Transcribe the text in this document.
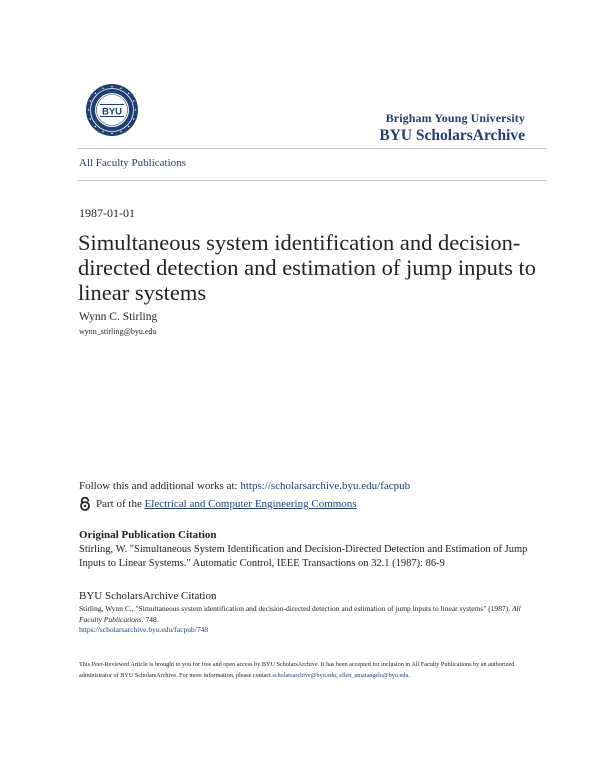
BYU	Brigham Young University
BYU ScholarsArchive
All Faculty Publications
1987-01-01
Simultaneous system identification and decision-directed detection and estimation of jump inputs to linear systems
Wynn C. Stirling
wynn_stirling@byu.edu
Follow this and additional works at: https://scholarsarchive.byu.edu/facpub
Part of the
Electrical and Computer Engineering Commons
Original Publication Citation
Stirling, W. "Simultaneous System Identification and Decision-Directed Detection and Estimation of Jump Inputs to Linear Systems." Automatic Control, IEEE Transactions on 32.1 (1987): 86-9
BYU ScholarsArchive Citation
Stirling, Wynn C., "Simultaneous system identification and decision-directed detection and estimation of jump inputs to linear systems" (1987). All Faculty Publications. 748.
https://scholarsarchive.byu.edu/facpub/748
This Peer-Reviewed Article is brought to you for free and open access by BYU ScholarsArchive. It has been accepted for inclusion in All Faculty Publications by an authorized administrator of BYU ScholarsArchive. For more information, please contact scholarsarchive@byu.edu, ellen_amatangelo@byu.edu.
